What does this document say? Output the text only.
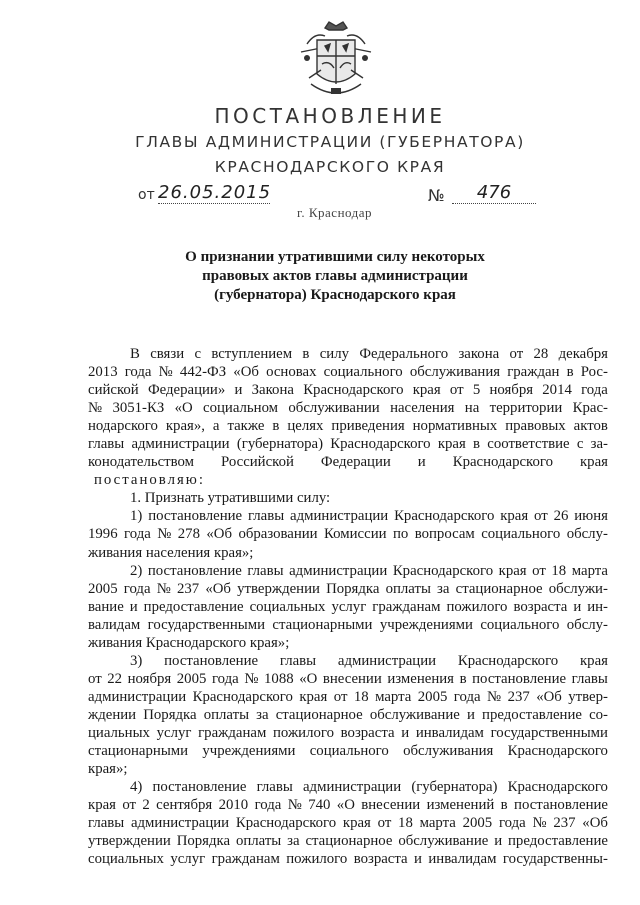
ПОСТАНОВЛЕНИЕ
ГЛАВЫ АДМИНИСТРАЦИИ (ГУБЕРНАТОРА)
КРАСНОДАРСКОГО КРАЯ
от 26.05.2015	№	476
г. Краснодар
О признании утратившими силу некоторых
правовых актов главы администрации
(губернатора) Краснодарского края
В связи с вступлением в силу Федерального закона от 28 декабря
2013 года № 442-ФЗ «Об основах социального обслуживания граждан в Рос-
сийской Федерации» и Закона Краснодарского края от 5 ноября 2014 года
№ 3051-КЗ «О социальном обслуживании населения на территории Крас-
нодарского края», а также в целях приведения нормативных правовых актов
главы администрации (губернатора) Краснодарского края в соответствие с за-
конодательством Российской Федерации и Краснодарского края
постановляю:
1. Признать утратившими силу:
1) постановление главы администрации Краснодарского края от 26 июня
1996 года № 278 «Об образовании Комиссии по вопросам социального обслу-
живания населения края»;
2) постановление главы администрации Краснодарского края от 18 марта
2005 года № 237 «Об утверждении Порядка оплаты за стационарное обслужи-
вание и предоставление социальных услуг гражданам пожилого возраста и ин-
валидам государственными стационарными учреждениями социального обслу-
живания Краснодарского края»;
3) постановление главы администрации Краснодарского края
от 22 ноября 2005 года № 1088 «О внесении изменения в постановление главы
администрации Краснодарского края от 18 марта 2005 года № 237 «Об утвер-
ждении Порядка оплаты за стационарное обслуживание и предоставление со-
циальных услуг гражданам пожилого возраста и инвалидам государственными
стационарными учреждениями социального обслуживания Краснодарского
края»;
4) постановление главы администрации (губернатора) Краснодарского
края от 2 сентября 2010 года № 740 «О внесении изменений в постановление
главы администрации Краснодарского края от 18 марта 2005 года № 237 «Об
утверждении Порядка оплаты за стационарное обслуживание и предоставление
социальных услуг гражданам пожилого возраста и инвалидам государственны-
